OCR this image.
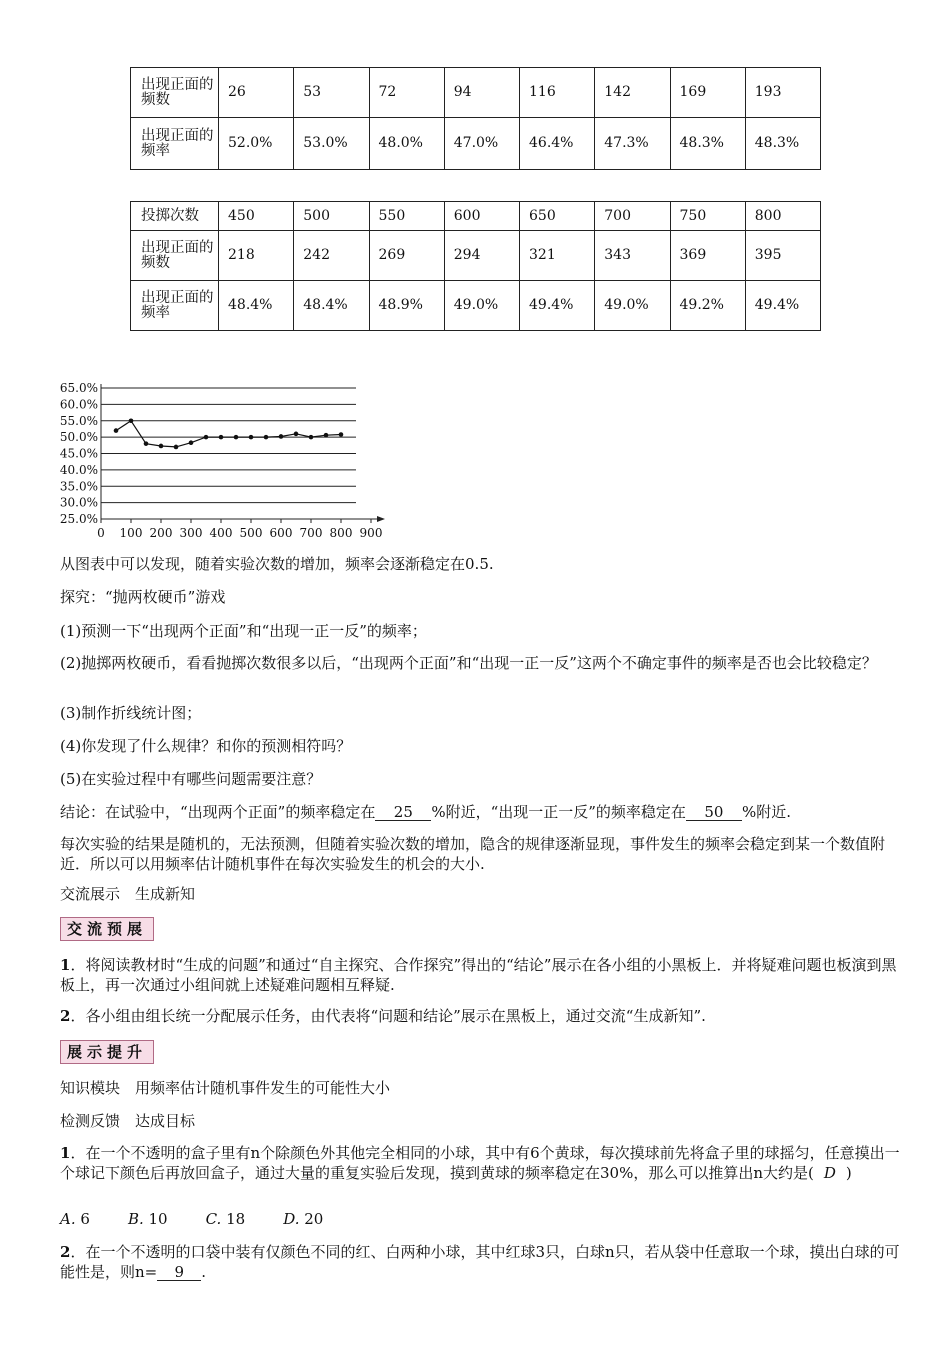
出现正面的频数	26	53	72	94	116	142	169	193
出现正面的频率	52.0%	53.0%	48.0%	47.0%	46.4%	47.3%	48.3%	48.3%
投掷次数	450	500	550	600	650	700	750	800
出现正面的频数	218	242	269	294	321	343	369	395
出现正面的频率	48.4%	48.4%	48.9%	49.0%	49.4%	49.0%	49.2%	49.4%
25.0%
30.0%
35.0%
40.0%
45.0%
50.0%
55.0%
60.0%
65.0%
0 100 200 300 400 500 600 700 800 900
从图表中可以发现，随着实验次数的增加，频率会逐渐稳定在0.5.
探究：“抛两枚硬币”游戏
(1)预测一下“出现两个正面”和“出现一正一反”的频率；
(2)抛掷两枚硬币，看看抛掷次数很多以后，“出现两个正面”和“出现一正一反”这两个不确定事件的频率是否也会比较稳定？
(3)制作折线统计图；
(4)你发现了什么规律？和你的预测相符吗？
(5)在实验过程中有哪些问题需要注意？
结论：在试验中，“出现两个正面”的频率稳定在 25 %附近，“出现一正一反”的频率稳定在 50 %附近.
每次实验的结果是随机的，无法预测，但随着实验次数的增加，隐含的规律逐渐显现，事件发生的频率会稳定到某一个数值附近．所以可以用频率估计随机事件在每次实验发生的机会的大小.
交流展示　生成新知
交流预展
1．将阅读教材时“生成的问题”和通过“自主探究、合作探究”得出的“结论”展示在各小组的小黑板上．并将疑难问题也板演到黑板上，再一次通过小组间就上述疑难问题相互释疑.
2．各小组由组长统一分配展示任务，由代表将“问题和结论”展示在黑板上，通过交流“生成新知”.
展示提升
知识模块　用频率估计随机事件发生的可能性大小
检测反馈　达成目标
1．在一个不透明的盒子里有n个除颜色外其他完全相同的小球，其中有6个黄球，每次摸球前先将盒子里的球摇匀，任意摸出一个球记下颜色后再放回盒子，通过大量的重复实验后发现，摸到黄球的频率稳定在30%，那么可以推算出n大约是( D )
A. 6	B. 10	C. 18	D. 20
2．在一个不透明的口袋中装有仅颜色不同的红、白两种小球，其中红球3只，白球n只，若从袋中任意取一个球，摸出白球的可能性是，则n= 9 .
